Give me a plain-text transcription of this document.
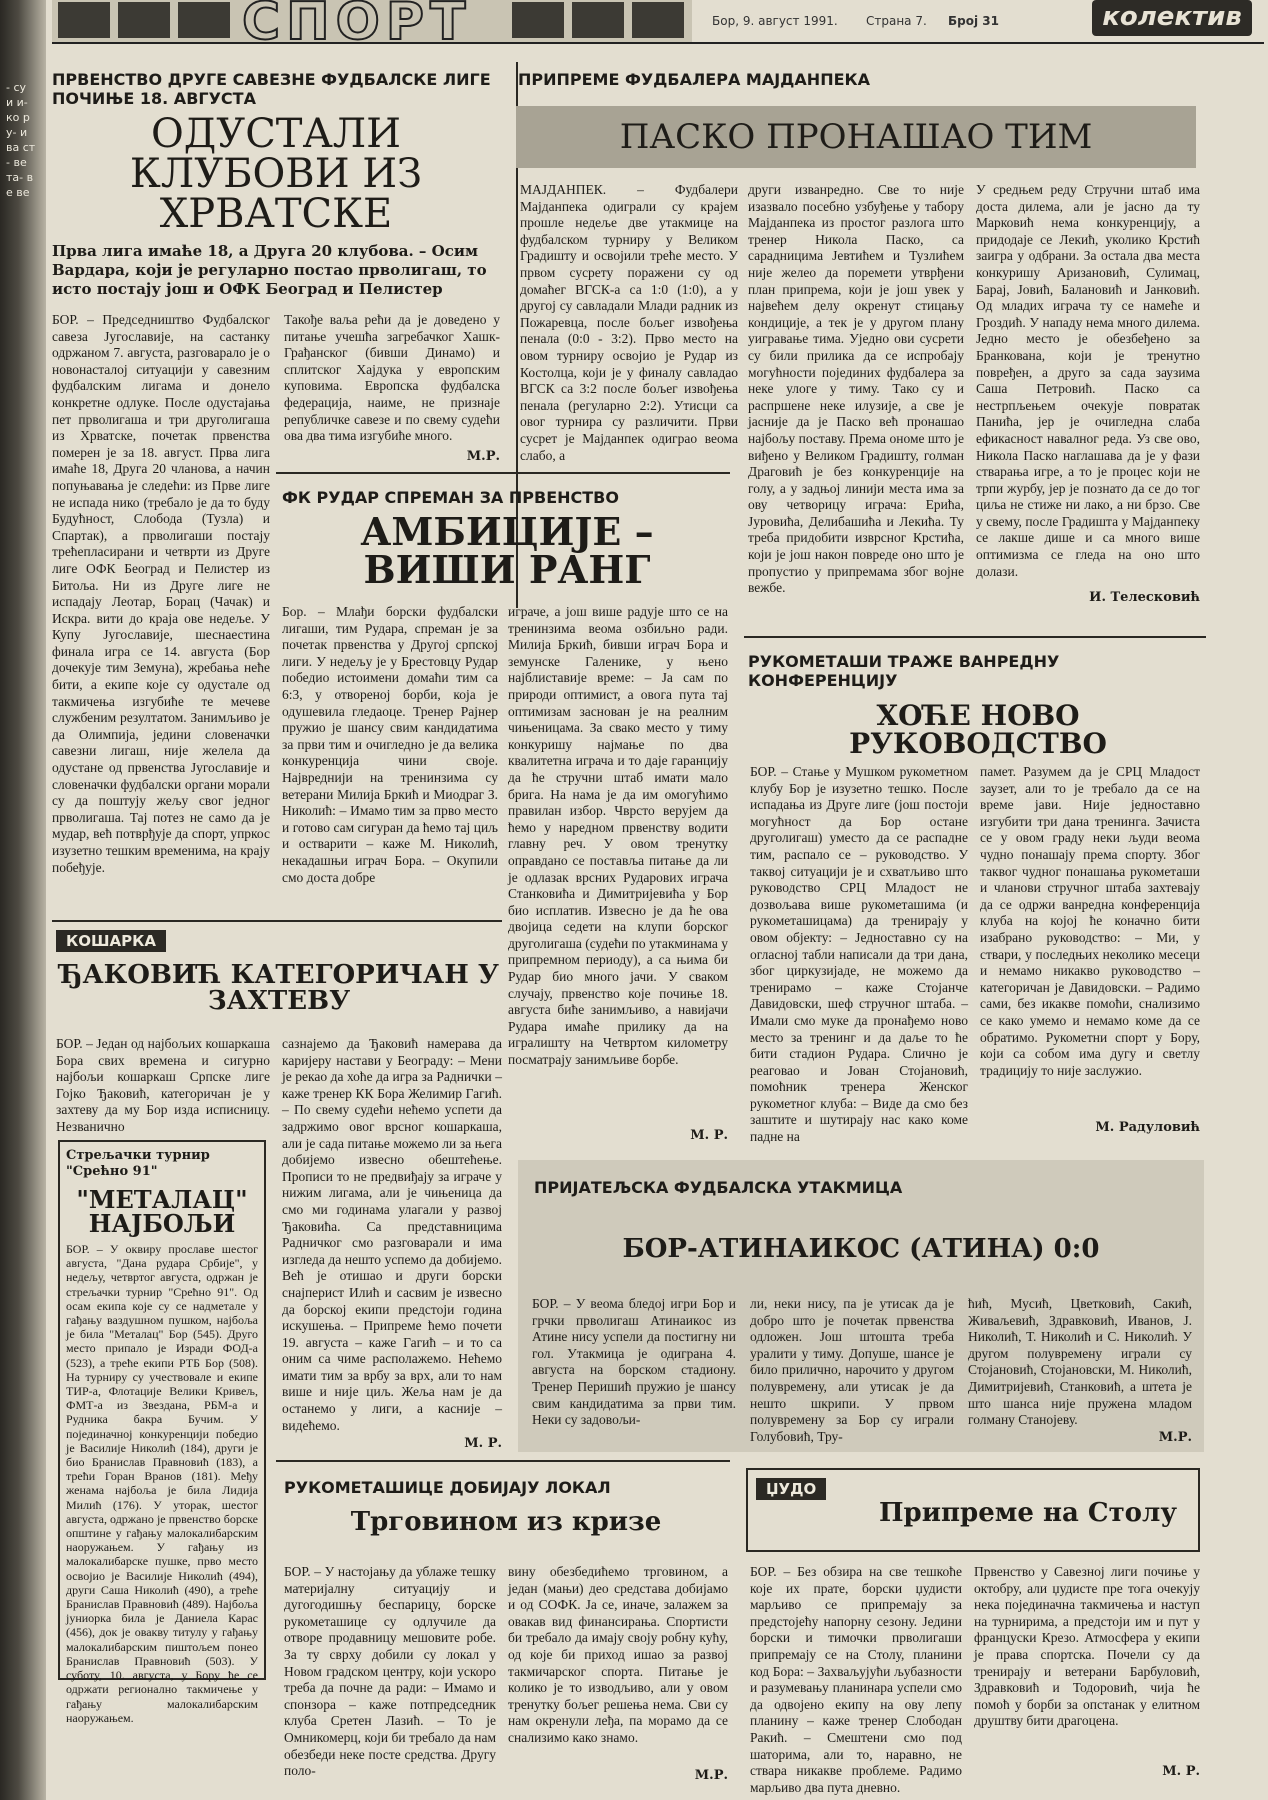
- су и и- ко ру- и ва ст- ве та- ве ве
СПОРТ	Бор, 9. август 1991. Страна 7. Број 31	колектив
ПРВЕНСТВО ДРУГЕ САВЕЗНЕ ФУДБАЛСКЕ ЛИГЕ ПОЧИЊЕ 18. АВГУСТА
ОДУСТАЛИ КЛУБОВИ ИЗ ХРВАТСКЕ
Прва лига имаће 18, а Друга 20 клубова. – Осим Вардара, који је регуларно постао прволигаш, то исто постају још и ОФК Београд и Пелистер
БОР. – Председништво Фудбалског савеза Југославије, на састанку одржаном 7. августа, разговарало је о новонасталој ситуацији у савезним фудбалским лигама и донело конкретне одлуке. После одустајања пет прволигаша и три друголигаша из Хрватске, почетак првенства померен је за 18. август. Прва лига имаће 18, Друга 20 чланова, а начин попуњавања је следећи: из Прве лиге не испада нико (требало је да то буду Будућност, Слобода (Тузла) и Спартак), а прволигаши постају трећепласирани и четврти из Друге лиге ОФК Београд и Пелистер из Битоља. Ни из Друге лиге не испадају Леотар, Борац (Чачак) и Искра. вити до краја ове недеље. У Купу Југославије, шеснаестина финала игра се 14. августа (Бор дочекује тим Земуна), жребања неће бити, а екипе које су одустале од такмичења изгубиће те мечеве службеним резултатом. Занимљиво је да Олимпија, једини словеначки савезни лигаш, није желела да одустане од првенства Југославије и словеначки фудбалски органи морали су да поштују жељу свог једног прволигаша. Тај потез не само да је мудар, већ потврђује да спорт, упркос изузетно тешким временима, на крају побеђује.
Такође ваља рећи да је доведено у питање учешћа загребачког Хашк-Грађанског (бивши Динамо) и сплитског Хајдука у европским куповима. Европска фудбалска федерација, наиме, не признаје републичке савезе и по свему судећи ова два тима изгубиће много.
М.Р.
ПРИПРЕМЕ ФУДБАЛЕРА МАЈДАНПЕКА
ПАСКО ПРОНАШАО ТИМ
МАЈДАНПЕК. – Фудбалери Мајданпека одиграли су крајем прошле недеље две утакмице на фудбалском турниру у Великом Градишту и освојили треће место. У првом сусрету поражени су од домаћег ВГСК-а са 1:0 (1:0), а у другој су савладали Млади радник из Пожаревца, после бољег извођења пенала (0:0 - 3:2). Прво место на овом турниру освојио је Рудар из Костолца, који је у финалу савладао ВГСК са 3:2 после бољег извођења пенала (регуларно 2:2). Утисци са овог турнира су различити. Први сусрет је Мајданпек одиграо веома слабо, а
други изванредно. Све то није изазвало посебно узбуђење у табору Мајданпека из простог разлога што тренер Никола Паско, са сарадницима Јевтићем и Тузлићем није желео да поремети утврђени план припрема, који је још увек у највећем делу окренут стицању кондиције, а тек је у другом плану уигравање тима. Уједно ови сусрети су били прилика да се испробају могућности појединих фудбалера за неке улоге у тиму. Тако су и распршене неке илузије, а све је јасније да је Паско већ пронашао најбољу поставу. Према ономе што је виђено у Великом Градишту, голман Драговић је без конкуренције на голу, а у задњој линији места има за ову четворицу играча: Ерића, Јуровића, Делибашића и Лекића. Ту треба придобити изврсног Крстића, који је још након повреде оно што је пропустио у припремама због војне вежбе.
У средњем реду Стручни штаб има доста дилема, али је јасно да ту Марковић нема конкуренцију, а придодаје се Лекић, уколико Крстић заигра у одбрани. За остала два места конкуришу Аризановић, Сулимац, Барај, Јовић, Балановић и Јанковић. Од младих играча ту се намеће и Гроздић. У нападу нема много дилема. Једно место је обезбеђено за Бранкована, који је тренутно повређен, а друго за сада заузима Саша Петровић. Паско са нестрпљењем очекује повратак Панића, јер је очигледна слаба ефикасност навалног реда. Уз све ово, Никола Паско наглашава да је у фази стварања игре, а то је процес који не трпи журбу, јер је познато да се до тог циља не стиже ни лако, а ни брзо. Све у свему, после Градишта у Мајданпеку се лакше дише и са много више оптимизма се гледа на оно што долази.
И. Телесковић
ФК РУДАР СПРЕМАН ЗА ПРВЕНСТВО
АМБИЦИЈЕ – ВИШИ РАНГ
Бор. – Млађи борски фудбалски лигаши, тим Рудара, спреман је за почетак првенства у Другој српској лиги. У недељу је у Брестовцу Рудар победио истоимени домаћи тим са 6:3, у отвореној борби, која је одушевила гледаоце. Тренер Рајнер пружио је шансу свим кандидатима за први тим и очигледно је да велика конкуренција чини своје. Највреднији на тренинзима су ветерани Милија Бркић и Миодраг З. Николић: – Имамо тим за прво место и готово сам сигуран да ћемо тај циљ и остварити – каже М. Николић, некадашњи играч Бора. – Окупили смо доста добре
играче, а још више радује што се на тренинзима веома озбиљно ради. Милија Бркић, бивши играч Бора и земунске Галенике, у њено најблиставије време: – Ја сам по природи оптимист, а овога пута тај оптимизам заснован је на реалним чињеницама. За свако место у тиму конкуришу најмање по два квалитетна играча и то даје гаранцију да ће стручни штаб имати мало брига. На нама је да им омогућимо правилан избор. Чврсто верујем да ћемо у наредном првенству водити главну реч. У овом тренутку оправдано се поставља питање да ли је одлазак врсних Рударових играча Станковића и Димитријевића у Бор био исплатив. Извесно је да ће ова двојица седети на клупи борског друголигаша (судећи по утакминама у припремном периоду), а са њима би Рудар био много јачи. У сваком случају, првенство које почиње 18. августа биће занимљиво, а навијачи Рудара имаће прилику да на игралишту на Четвртом километру посматрају занимљиве борбе.
М. Р.
РУКОМЕТАШИ ТРАЖЕ ВАНРЕДНУ КОНФЕРЕНЦИЈУ
ХОЋЕ НОВО РУКОВОДСТВО
БОР. – Стање у Мушком рукометном клубу Бор је изузетно тешко. После испадања из Друге лиге (још постоји могућност да Бор остане друголигаш) уместо да се распадне тим, распало се – руководство. У таквој ситуацији је и схватљиво што руководство СРЦ Младост не дозвољава више рукометашима (и рукометашицама) да тренирају у овом објекту: – Једноставно су на огласној табли написали да три дана, због циркузијаде, не можемо да тренирамо – каже Стојанче Давидовски, шеф стручног штаба. – Имали смо муке да пронађемо ново место за тренинг и да даље то ће бити стадион Рудара. Слично је реаговао и Јован Стојановић, помоћник тренера Женског рукометног клуба: – Виде да смо без заштите и шутирају нас како коме падне на
памет. Разумем да је СРЦ Младост заузет, али то је требало да се на време јави. Није једноставно изгубити три дана тренинга. Зачиста се у овом граду неки људи веома чудно понашају према спорту. Због таквог чудног понашања рукометаши и чланови стручног штаба захтевају да се одржи ванредна конференција клуба на којој ће коначно бити изабрано руководство: – Ми, у ствари, у последњих неколико месеци и немамо никакво руководство – категоричан је Давидовски. – Радимо сами, без икакве помоћи, снализимо се како умемо и немамо коме да се обратимо. Рукометни спорт у Бору, који са собом има дугу и светлу традицију то није заслужио.
М. Радуловић
КОШАРКА
ЂАКОВИЋ КАТЕГОРИЧАН У ЗАХТЕВУ
БОР. – Један од најбољих кошаркаша Бора свих времена и сигурно најбољи кошаркаш Српске лиге Гојко Ђаковић, категоричан је у захтеву да му Бор изда исписницу. Незванично
сазнајемо да Ђаковић намерава да каријеру настави у Београду: – Мени је рекао да хоће да игра за Раднички – каже тренер КК Бора Желимир Гагић. – По свему судећи нећемо успети да задржимо овог врсног кошаркаша, али је сада питање можемо ли за њега добијемо извесно обештећење. Прописи то не предвиђају за играче у нижим лигама, али је чињеница да смо ми годинама улагали у развој Ђаковића. Са представницима Радничког смо разговарали и има изгледа да нешто успемо да добијемо. Већ је отишао и други борски снајперист Илић и сасвим је извесно да борској екипи предстоји година искушења. – Припреме ћемо почети 19. августа – каже Гагић – и то са оним са чиме располажемо. Нећемо имати тим за врбу за врх, али то нам више и није циљ. Жеља нам је да останемо у лиги, а касније – видећемо.
М. Р.
Стрељачки турнир "Срећно 91"
"МЕТАЛАЦ" НАЈБОЉИ
БОР. – У оквиру прославе шестог августа, "Дана рудара Србије", у недељу, четвртог августа, одржан је стрељачки турнир "Срећно 91". Од осам екипа које су се надметале у гађању ваздушном пушком, најбоља је била "Металац" Бор (545). Друго место припало је Изради ФОД-а (523), а треће екипи РТБ Бор (508). На турниру су учествовале и екипе ТИР-а, Флотације Велики Кривељ, ФМТ-а из Звездана, РБМ-а и Рудника бакра Бучим. У појединачној конкуренцији победио је Василије Николић (184), други је био Бранислав Правновић (183), а трећи Горан Вранов (181). Међу женама најбоља је била Лидија Милић (176). У уторак, шестог августа, одржано је првенство борске општине у гађању малокалибарским наоружањем. У гађању из малокалибарске пушке, прво место освојио је Василије Николић (494), други Саша Николић (490), а треће Бранислав Правновић (489). Најбоља јуниорка била је Даниела Карас (456), док је овакву титулу у гађању малокалибарским пиштољем понео Бранислав Правновић (503). У суботу, 10. августа, у Бору ће се одржати регионално такмичење у гађању малокалибарским наоружањем.
ПРИЈАТЕЉСКА ФУДБАЛСКА УТАКМИЦА
БОР-АТИНАИКОС (АТИНА) 0:0
БОР. – У веома бледој игри Бор и грчки прволигаш Атинаикос из Атине нису успели да постигну ни гол. Утакмица је одиграна 4. августа на борском стадиону. Тренер Перишић пружио је шансу свим кандидатима за први тим. Неки су задовољи-
ли, неки нису, па је утисак да је добро што је почетак првенства одложен. Још штошта треба уралити у тиму. Допуше, шансе је било прилично, нарочито у другом полувремену, али утисак је да нешто шкрипи. У првом полувремену за Бор су играли Голубовић, Тру-
ћић, Мусић, Цветковић, Сакић, Живаљевић, Здравковић, Иванов, Ј. Николић, Т. Николић и С. Николић. У другом полувремену играли су Стојановић, Стојановски, М. Николић, Димитријевић, Станковић, а штета је што шанса није пружена младом голману Станојеву.
М.Р.
РУКОМЕТАШИЦЕ ДОБИЈАЈУ ЛОКАЛ
Трговином из кризе
БОР. – У настојању да ублаже тешку материјалну ситуацију и дугогодишњу беспарицу, борске рукометашице су одлучиле да отворе продавницу мешовите робе. За ту сврху добили су локал у Новом градском центру, који ускоро треба да почне да ради: – Имамо и спонзора – каже потпредседник клуба Сретен Лазић. – То је Омникомерц, који би требало да нам обезбеди неке посте средства. Другу поло-
вину обезбедићемо трговином, а један (мањи) део средстава добијамо и од СОФК. Ја се, иначе, залажем за овакав вид финансирања. Спортисти би требало да имају своју робну кућу, од које би приход ишао за развој такмичарског спорта. Питање је колико је то изводљиво, али у овом тренутку бољег решења нема. Сви су нам окренули леђа, па морамо да се снализимо како знамо.
М.Р.
ЏУДО
Припреме на Столу
БОР. – Без обзира на све тешкоће које их прате, борски џудисти марљиво се припремају за предстојећу напорну сезону. Једини борски и тимочки прволигаши припремају се на Столу, планини код Бора: – Захваљујући љубазности и разумевању планинара успели смо да одвојено екипу на ову лепу планину – каже тренер Слободан Ракић. – Смештени смо под шаторима, али то, наравно, не ствара никакве проблеме. Радимо марљиво два пута дневно.
Првенство у Савезној лиги почиње у октобру, али џудисте пре тога очекују нека појединачна такмичења и наступ на турнирима, а предстоји им и пут у француски Крезо. Атмосфера у екипи је права спортска. Почели су да тренирају и ветерани Барбуловић, Здравковић и Тодоровић, чија ће помоћ у борби за опстанак у елитном друштву бити драгоцена.
М. Р.
